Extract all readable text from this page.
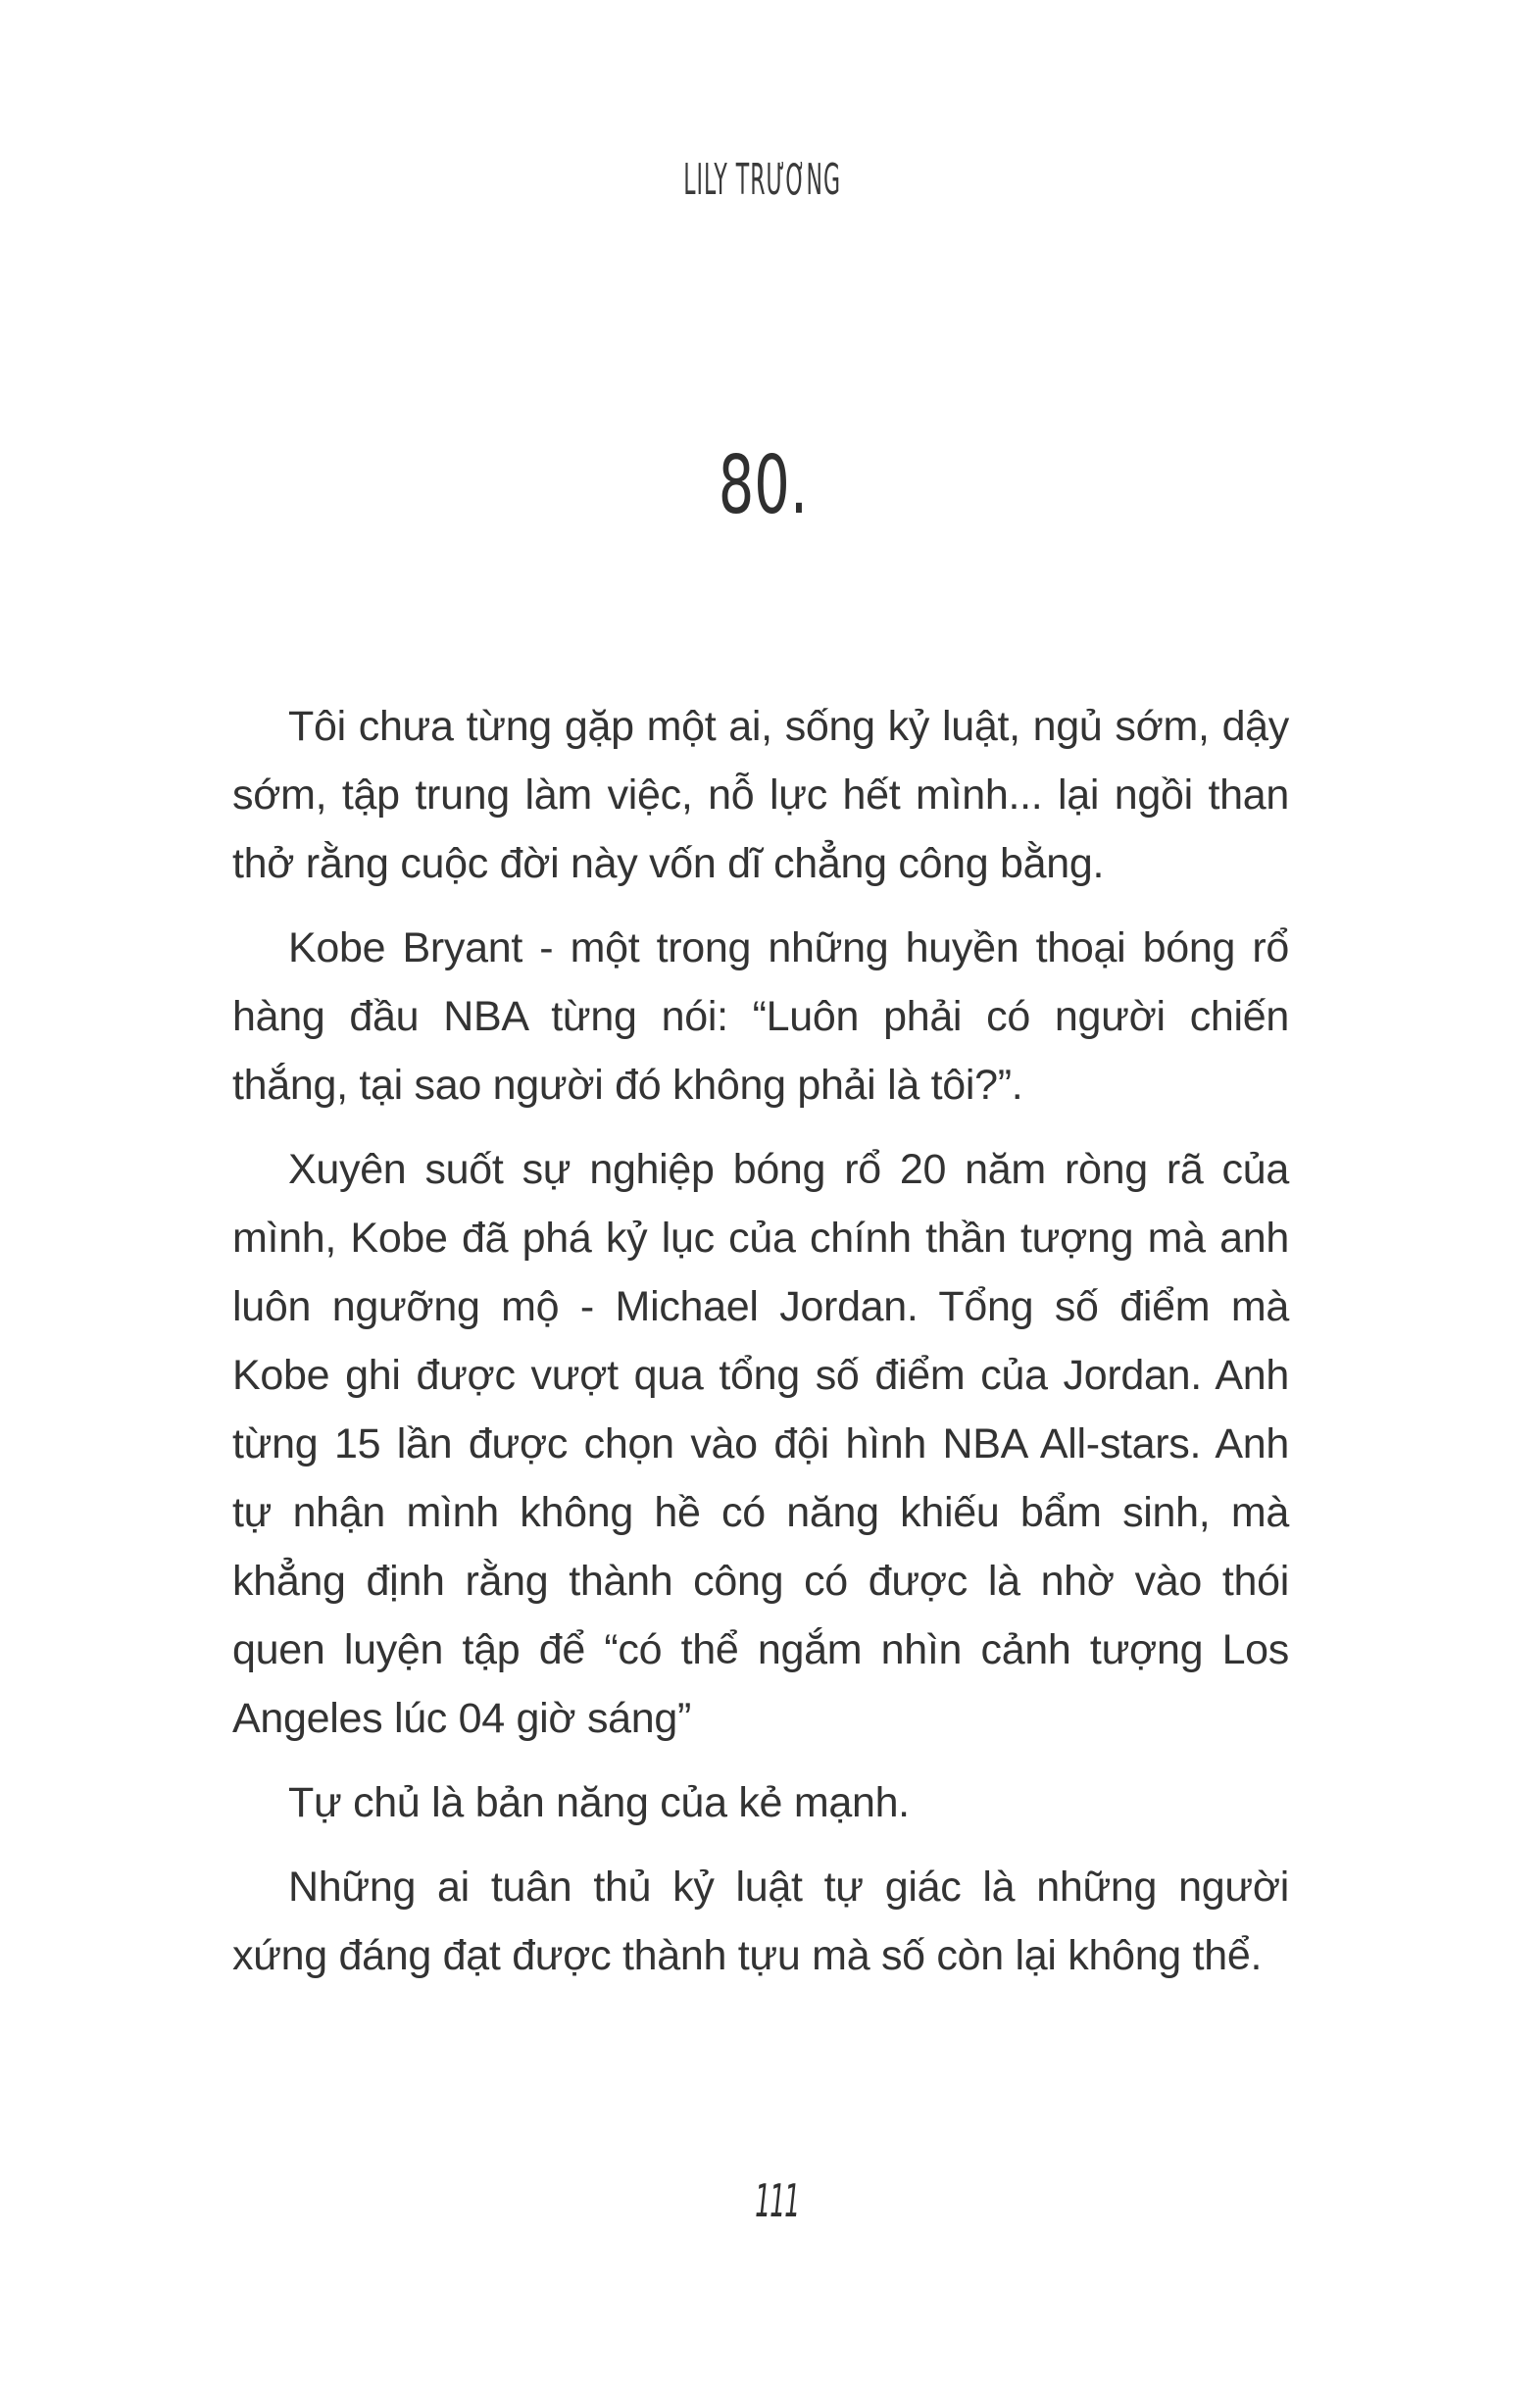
LILY TRƯƠNG
80.

Tôi chưa từng gặp một ai, sống kỷ luật, ngủ sớm, dậy sớm, tập trung làm việc, nỗ lực hết mình... lại ngồi than thở rằng cuộc đời này vốn dĩ chẳng công bằng.

Kobe Bryant - một trong những huyền thoại bóng rổ hàng đầu NBA từng nói: “Luôn phải có người chiến thắng, tại sao người đó không phải là tôi?”.

Xuyên suốt sự nghiệp bóng rổ 20 năm ròng rã của mình, Kobe đã phá kỷ lục của chính thần tượng mà anh luôn ngưỡng mộ - Michael Jordan. Tổng số điểm mà Kobe ghi được vượt qua tổng số điểm của Jordan. Anh từng 15 lần được chọn vào đội hình NBA All-stars. Anh tự nhận mình không hề có năng khiếu bẩm sinh, mà khẳng định rằng thành công có được là nhờ vào thói quen luyện tập để “có thể ngắm nhìn cảnh tượng Los Angeles lúc 04 giờ sáng”

Tự chủ là bản năng của kẻ mạnh.

Những ai tuân thủ kỷ luật tự giác là những người xứng đáng đạt được thành tựu mà số còn lại không thể.

111
